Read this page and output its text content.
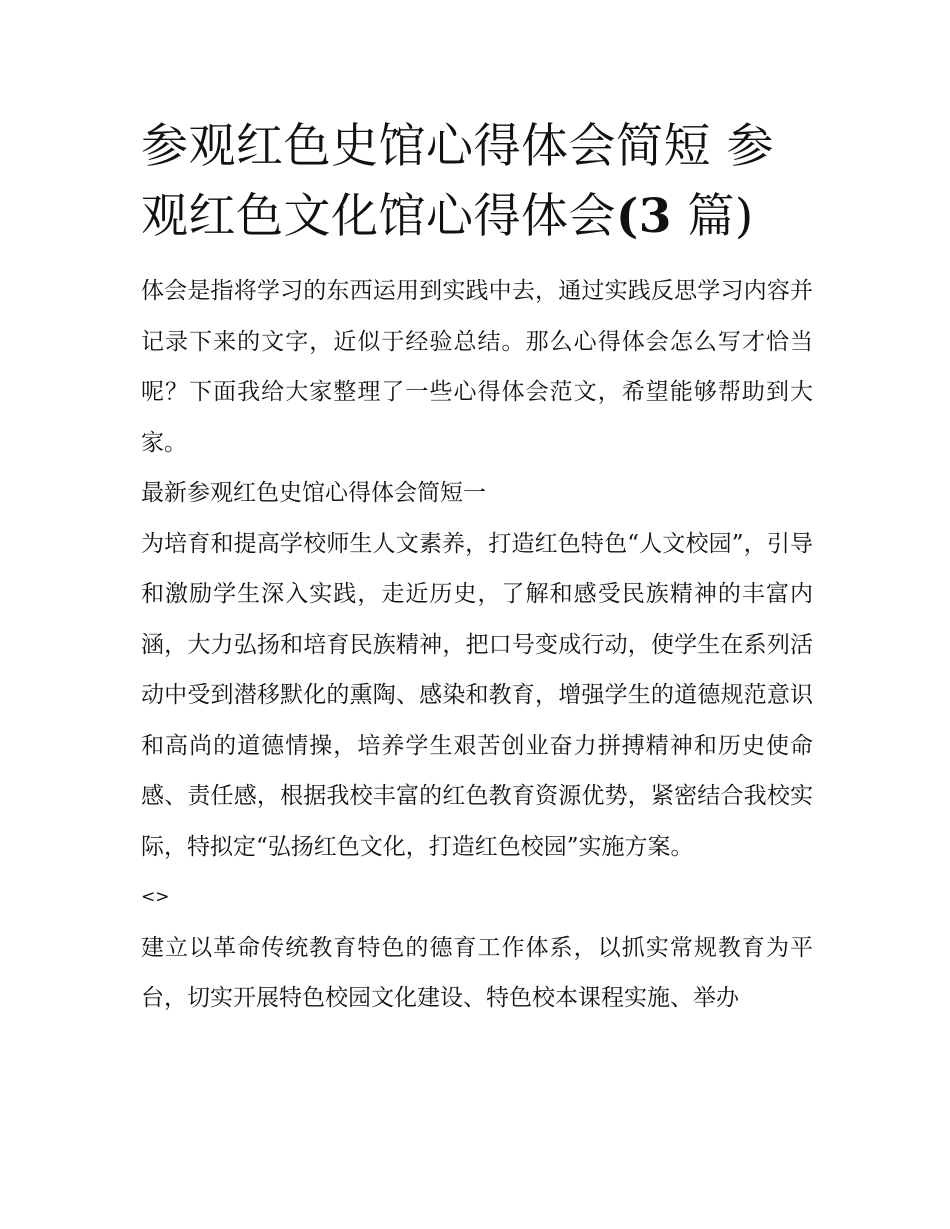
参观红色史馆心得体会简短 参观红色文化馆心得体会(3 篇)

体会是指将学习的东西运用到实践中去，通过实践反思学习内容并记录下来的文字，近似于经验总结。那么心得体会怎么写才恰当呢？下面我给大家整理了一些心得体会范文，希望能够帮助到大家。

最新参观红色史馆心得体会简短一

为培育和提高学校师生人文素养，打造红色特色“人文校园”，引导和激励学生深入实践，走近历史，了解和感受民族精神的丰富内涵，大力弘扬和培育民族精神，把口号变成行动，使学生在系列活动中受到潜移默化的熏陶、感染和教育，增强学生的道德规范意识和高尚的道德情操，培养学生艰苦创业奋力拼搏精神和历史使命感、责任感，根据我校丰富的红色教育资源优势，紧密结合我校实际，特拟定“弘扬红色文化，打造红色校园”实施方案。

<>

建立以革命传统教育特色的德育工作体系，以抓实常规教育为平台，切实开展特色校园文化建设、特色校本课程实施、举办
